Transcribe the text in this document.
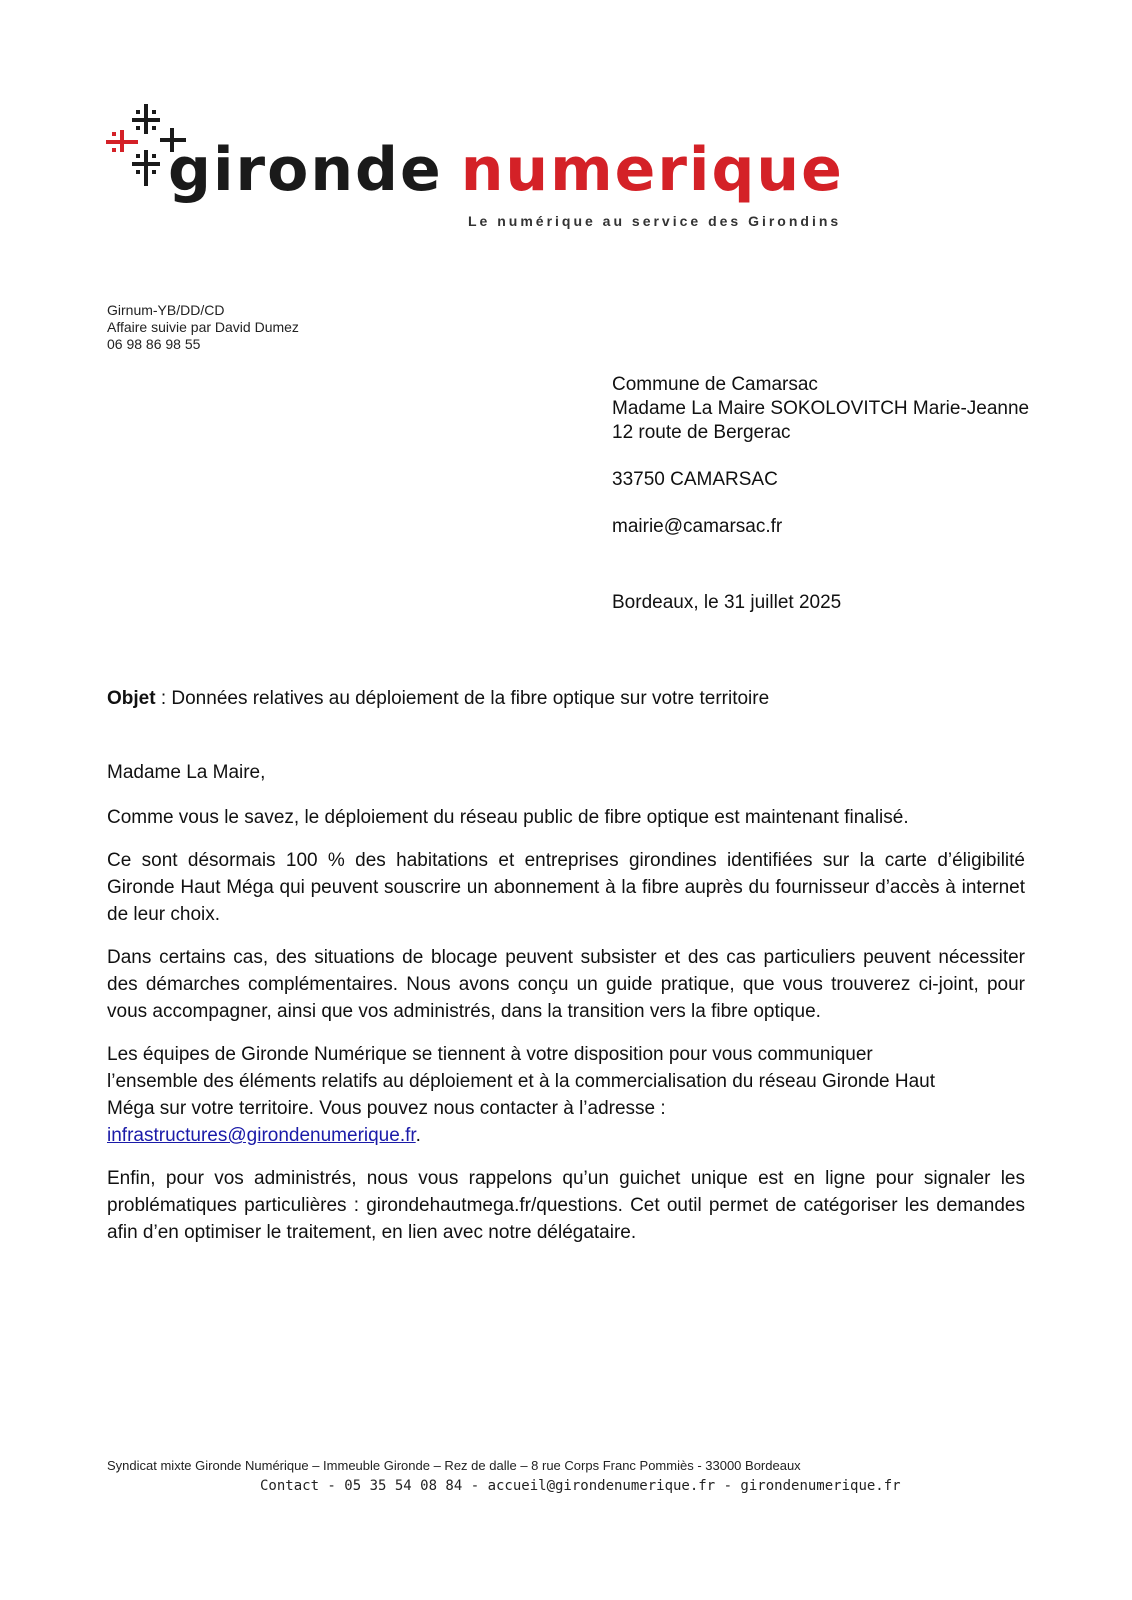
gironde numerique
Le numérique au service des Girondins
Girnum-YB/DD/CD
Affaire suivie par David Dumez
06 98 86 98 55
Commune de Camarsac
Madame La Maire SOKOLOVITCH Marie-Jeanne
12 route de Bergerac
33750 CAMARSAC
mairie@camarsac.fr
Bordeaux, le 31 juillet 2025
Objet : Données relatives au déploiement de la fibre optique sur votre territoire

Madame La Maire,

Comme vous le savez, le déploiement du réseau public de fibre optique est maintenant finalisé.

Ce sont désormais 100 % des habitations et entreprises girondines identifiées sur la carte d’éligibilité Gironde Haut Méga qui peuvent souscrire un abonnement à la fibre auprès du fournisseur d’accès à internet de leur choix.

Dans certains cas, des situations de blocage peuvent subsister et des cas particuliers peuvent nécessiter des démarches complémentaires. Nous avons conçu un guide pratique, que vous trouverez ci-joint, pour vous accompagner, ainsi que vos administrés, dans la transition vers la fibre optique.

Les équipes de Gironde Numérique se tiennent à votre disposition pour vous communiquer
l’ensemble des éléments relatifs au déploiement et à la commercialisation du réseau Gironde Haut
Méga sur votre territoire. Vous pouvez nous contacter à l’adresse :
infrastructures@girondenumerique.fr.

Enfin, pour vos administrés, nous vous rappelons qu’un guichet unique est en ligne pour signaler les problématiques particulières : girondehautmega.fr/questions. Cet outil permet de catégoriser les demandes afin d’en optimiser le traitement, en lien avec notre délégataire.

Syndicat mixte Gironde Numérique – Immeuble Gironde – Rez de dalle – 8 rue Corps Franc Pommiès - 33000 Bordeaux
Contact - 05 35 54 08 84 - accueil@girondenumerique.fr - girondenumerique.fr
